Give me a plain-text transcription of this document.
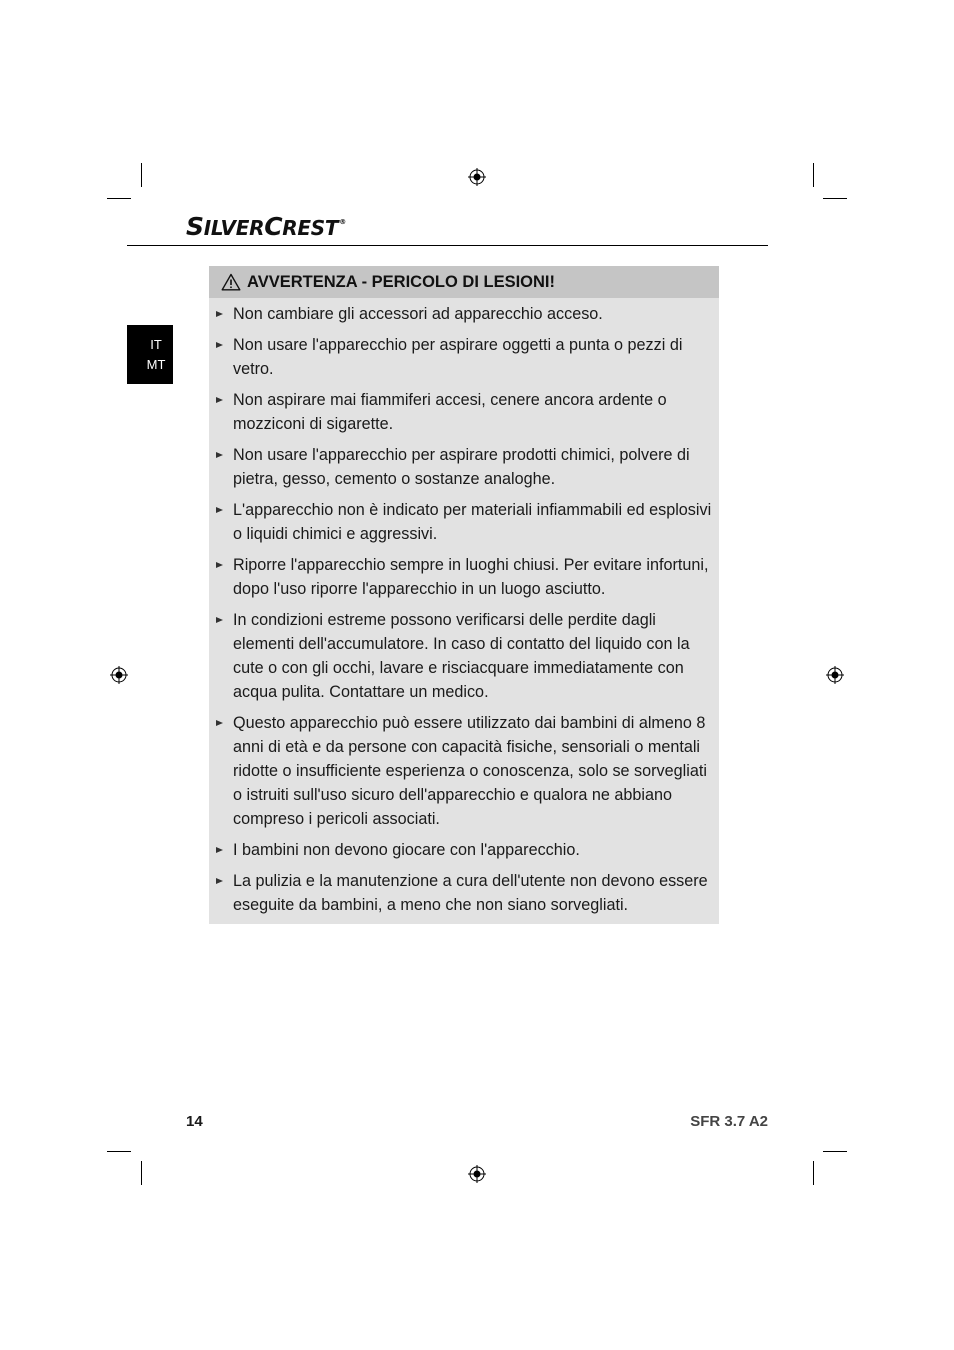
SILVERCREST®
IT
MT
AVVERTENZA - PERICOLO DI LESIONI!
Non cambiare gli accessori ad apparecchio acceso.
Non usare l'apparecchio per aspirare oggetti a punta o pezzi di vetro.
Non aspirare mai fiammiferi accesi, cenere ancora ardente o mozziconi di sigarette.
Non usare l'apparecchio per aspirare prodotti chimici, polvere di pietra, gesso, cemento o sostanze analoghe.
L'apparecchio non è indicato per materiali infiammabili ed esplosivi o liquidi chimici e aggressivi.
Riporre l'apparecchio sempre in luoghi chiusi. Per evitare infortuni, dopo l'uso riporre l'apparecchio in un luogo asciutto.
In condizioni estreme possono verificarsi delle perdite dagli elementi dell'accumulatore. In caso di contatto del liquido con la cute o con gli occhi, lavare e risciacquare immediatamente con acqua pulita. Contattare un medico.
Questo apparecchio può essere utilizzato dai bambini di almeno 8 anni di età e da persone con capacità fisiche, sensoriali o mentali ridotte o insufficiente esperienza o conoscenza, solo se sorvegliati o istruiti sull'uso sicuro dell'apparecchio e qualora ne abbiano compreso i pericoli associati.
I bambini non devono giocare con l'apparecchio.
La pulizia e la manutenzione a cura dell'utente non devono essere eseguite da bambini, a meno che non siano sorvegliati.
14	SFR 3.7 A2
